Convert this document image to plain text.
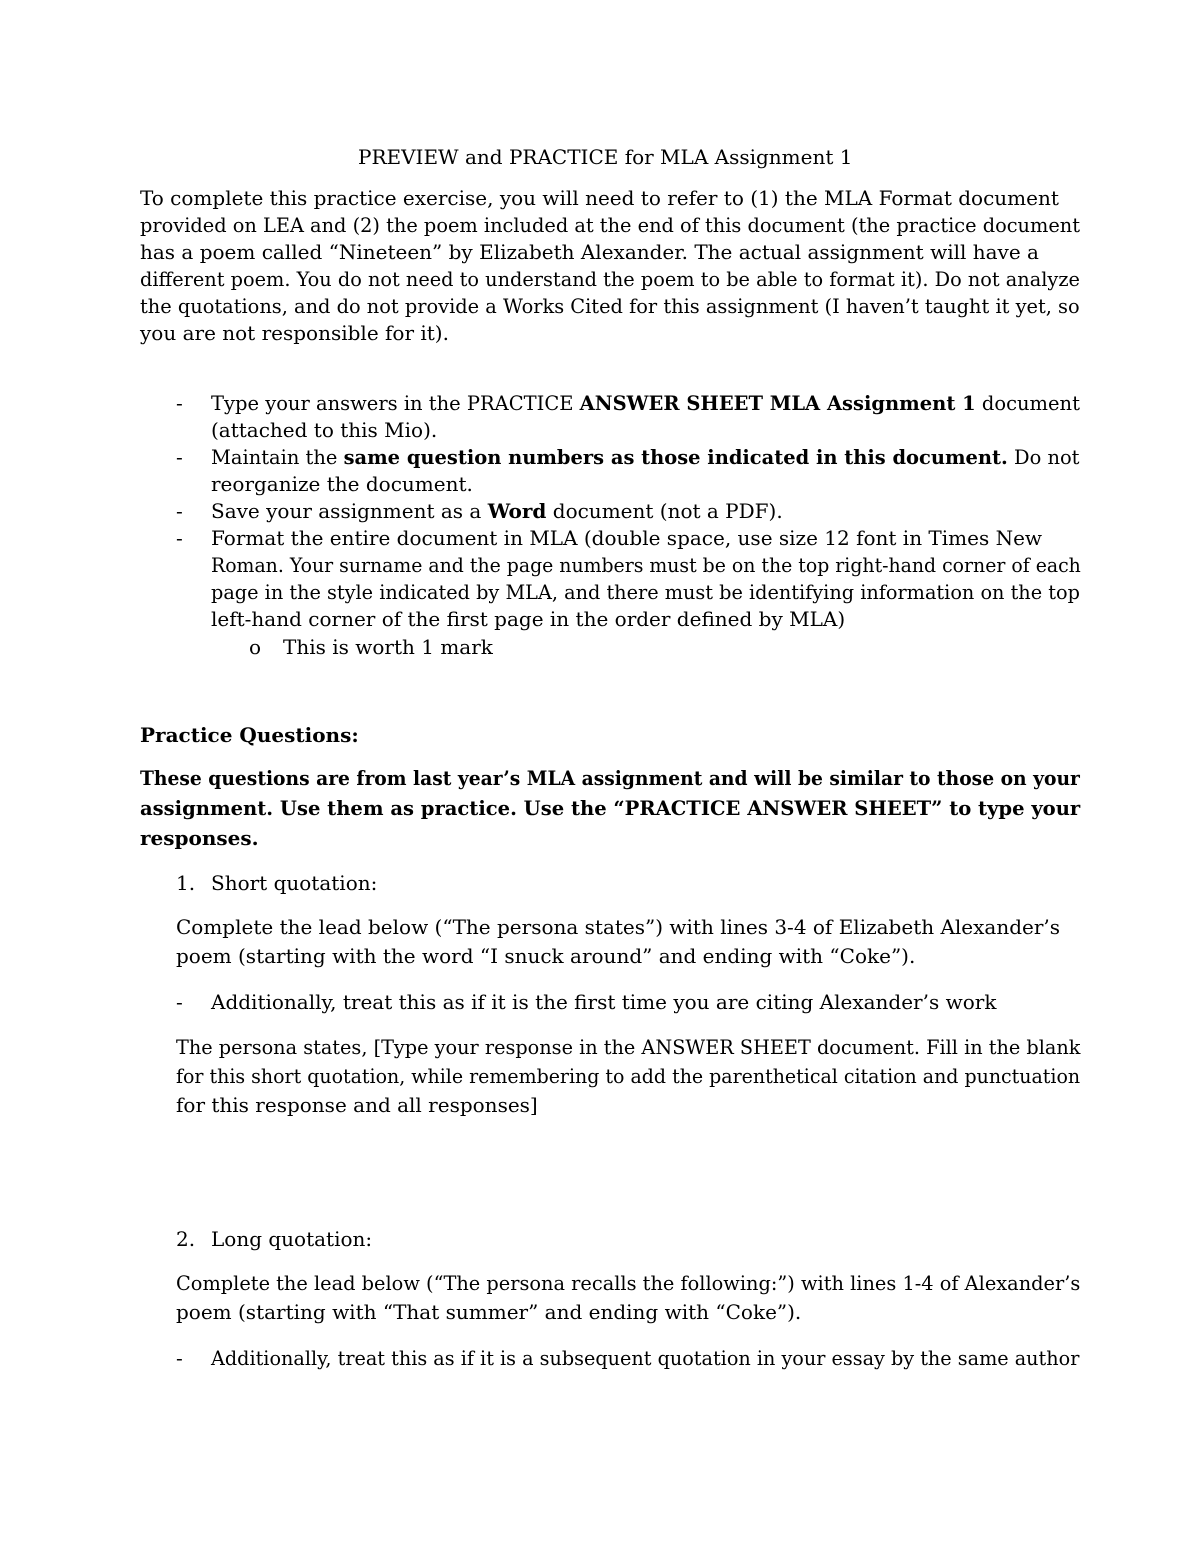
PREVIEW and PRACTICE for MLA Assignment 1
To complete this practice exercise, you will need to refer to (1) the MLA Format document
provided on LEA and (2) the poem included at the end of this document (the practice document
has a poem called “Nineteen” by Elizabeth Alexander. The actual assignment will have a
different poem. You do not need to understand the poem to be able to format it). Do not analyze
the quotations, and do not provide a Works Cited for this assignment (I haven’t taught it yet, so
you are not responsible for it).
- Type your answers in the PRACTICE ANSWER SHEET MLA Assignment 1 document
(attached to this Mio).
- Maintain the same question numbers as those indicated in this document. Do not
reorganize the document.
- Save your assignment as a Word document (not a PDF).
- Format the entire document in MLA (double space, use size 12 font in Times New
Roman. Your surname and the page numbers must be on the top right-hand corner of each
page in the style indicated by MLA, and there must be identifying information on the top
left-hand corner of the first page in the order defined by MLA)
o This is worth 1 mark
Practice Questions:
These questions are from last year’s MLA assignment and will be similar to those on your
assignment. Use them as practice. Use the “PRACTICE ANSWER SHEET” to type your
responses.
1. Short quotation:
Complete the lead below (“The persona states”) with lines 3-4 of Elizabeth Alexander’s
poem (starting with the word “I snuck around” and ending with “Coke”).
- Additionally, treat this as if it is the first time you are citing Alexander’s work
The persona states, [Type your response in the ANSWER SHEET document. Fill in the blank
for this short quotation, while remembering to add the parenthetical citation and punctuation
for this response and all responses]
2. Long quotation:
Complete the lead below (“The persona recalls the following:”) with lines 1-4 of Alexander’s
poem (starting with “That summer” and ending with “Coke”).
- Additionally, treat this as if it is a subsequent quotation in your essay by the same author
